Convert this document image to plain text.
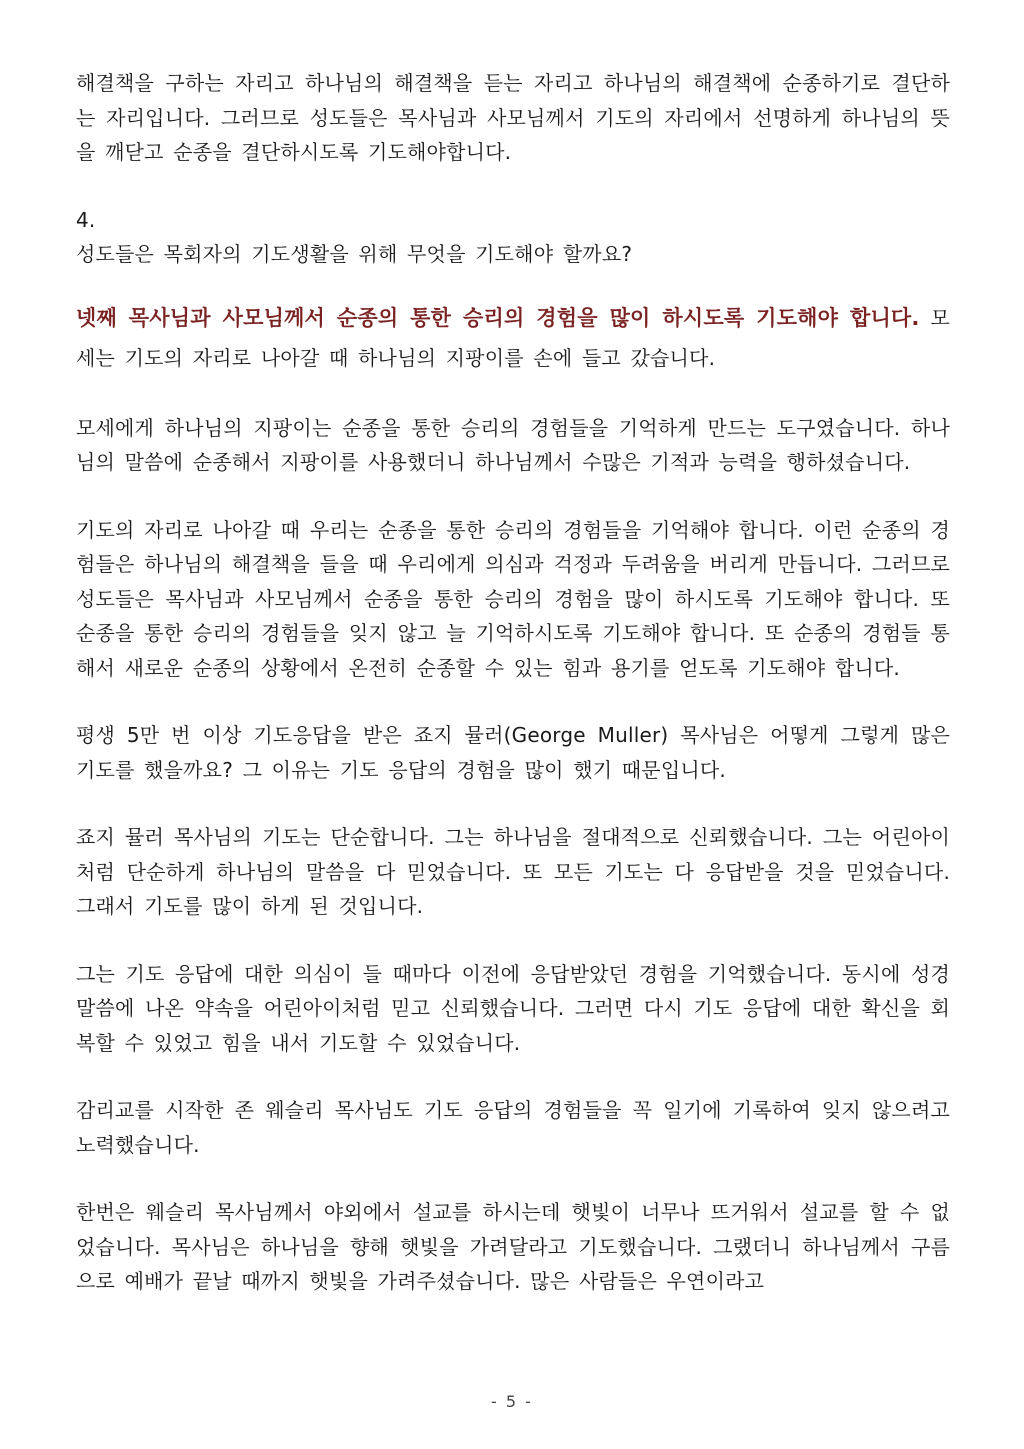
해결책을 구하는 자리고 하나님의 해결책을 듣는 자리고 하나님의 해결책에 순종하기로 결단하는 자리입니다. 그러므로 성도들은 목사님과 사모님께서 기도의 자리에서 선명하게 하나님의 뜻을 깨닫고 순종을 결단하시도록 기도해야합니다.

4.

성도들은 목회자의 기도생활을 위해 무엇을 기도해야 할까요?

넷째 목사님과 사모님께서 순종의 통한 승리의 경험을 많이 하시도록 기도해야 합니다. 모세는 기도의 자리로 나아갈 때 하나님의 지팡이를 손에 들고 갔습니다.

모세에게 하나님의 지팡이는 순종을 통한 승리의 경험들을 기억하게 만드는 도구였습니다. 하나님의 말씀에 순종해서 지팡이를 사용했더니 하나님께서 수많은 기적과 능력을 행하셨습니다.

기도의 자리로 나아갈 때 우리는 순종을 통한 승리의 경험들을 기억해야 합니다. 이런 순종의 경험들은 하나님의 해결책을 들을 때 우리에게 의심과 걱정과 두려움을 버리게 만듭니다. 그러므로 성도들은 목사님과 사모님께서 순종을 통한 승리의 경험을 많이 하시도록 기도해야 합니다. 또 순종을 통한 승리의 경험들을 잊지 않고 늘 기억하시도록 기도해야 합니다. 또 순종의 경험들 통해서 새로운 순종의 상황에서 온전히 순종할 수 있는 힘과 용기를 얻도록 기도해야 합니다.

평생 5만 번 이상 기도응답을 받은 죠지 뮬러(George Muller) 목사님은 어떻게 그렇게 많은 기도를 했을까요? 그 이유는 기도 응답의 경험을 많이 했기 때문입니다.

죠지 뮬러 목사님의 기도는 단순합니다. 그는 하나님을 절대적으로 신뢰했습니다. 그는 어린아이처럼 단순하게 하나님의 말씀을 다 믿었습니다. 또 모든 기도는 다 응답받을 것을 믿었습니다. 그래서 기도를 많이 하게 된 것입니다.

그는 기도 응답에 대한 의심이 들 때마다 이전에 응답받았던 경험을 기억했습니다. 동시에 성경말씀에 나온 약속을 어린아이처럼 믿고 신뢰했습니다. 그러면 다시 기도 응답에 대한 확신을 회복할 수 있었고 힘을 내서 기도할 수 있었습니다.

감리교를 시작한 존 웨슬리 목사님도 기도 응답의 경험들을 꼭 일기에 기록하여 잊지 않으려고 노력했습니다.

한번은 웨슬리 목사님께서 야외에서 설교를 하시는데 햇빛이 너무나 뜨거워서 설교를 할 수 없었습니다. 목사님은 하나님을 향해 햇빛을 가려달라고 기도했습니다. 그랬더니 하나님께서 구름으로 예배가 끝날 때까지 햇빛을 가려주셨습니다. 많은 사람들은 우연이라고

- 5 -
